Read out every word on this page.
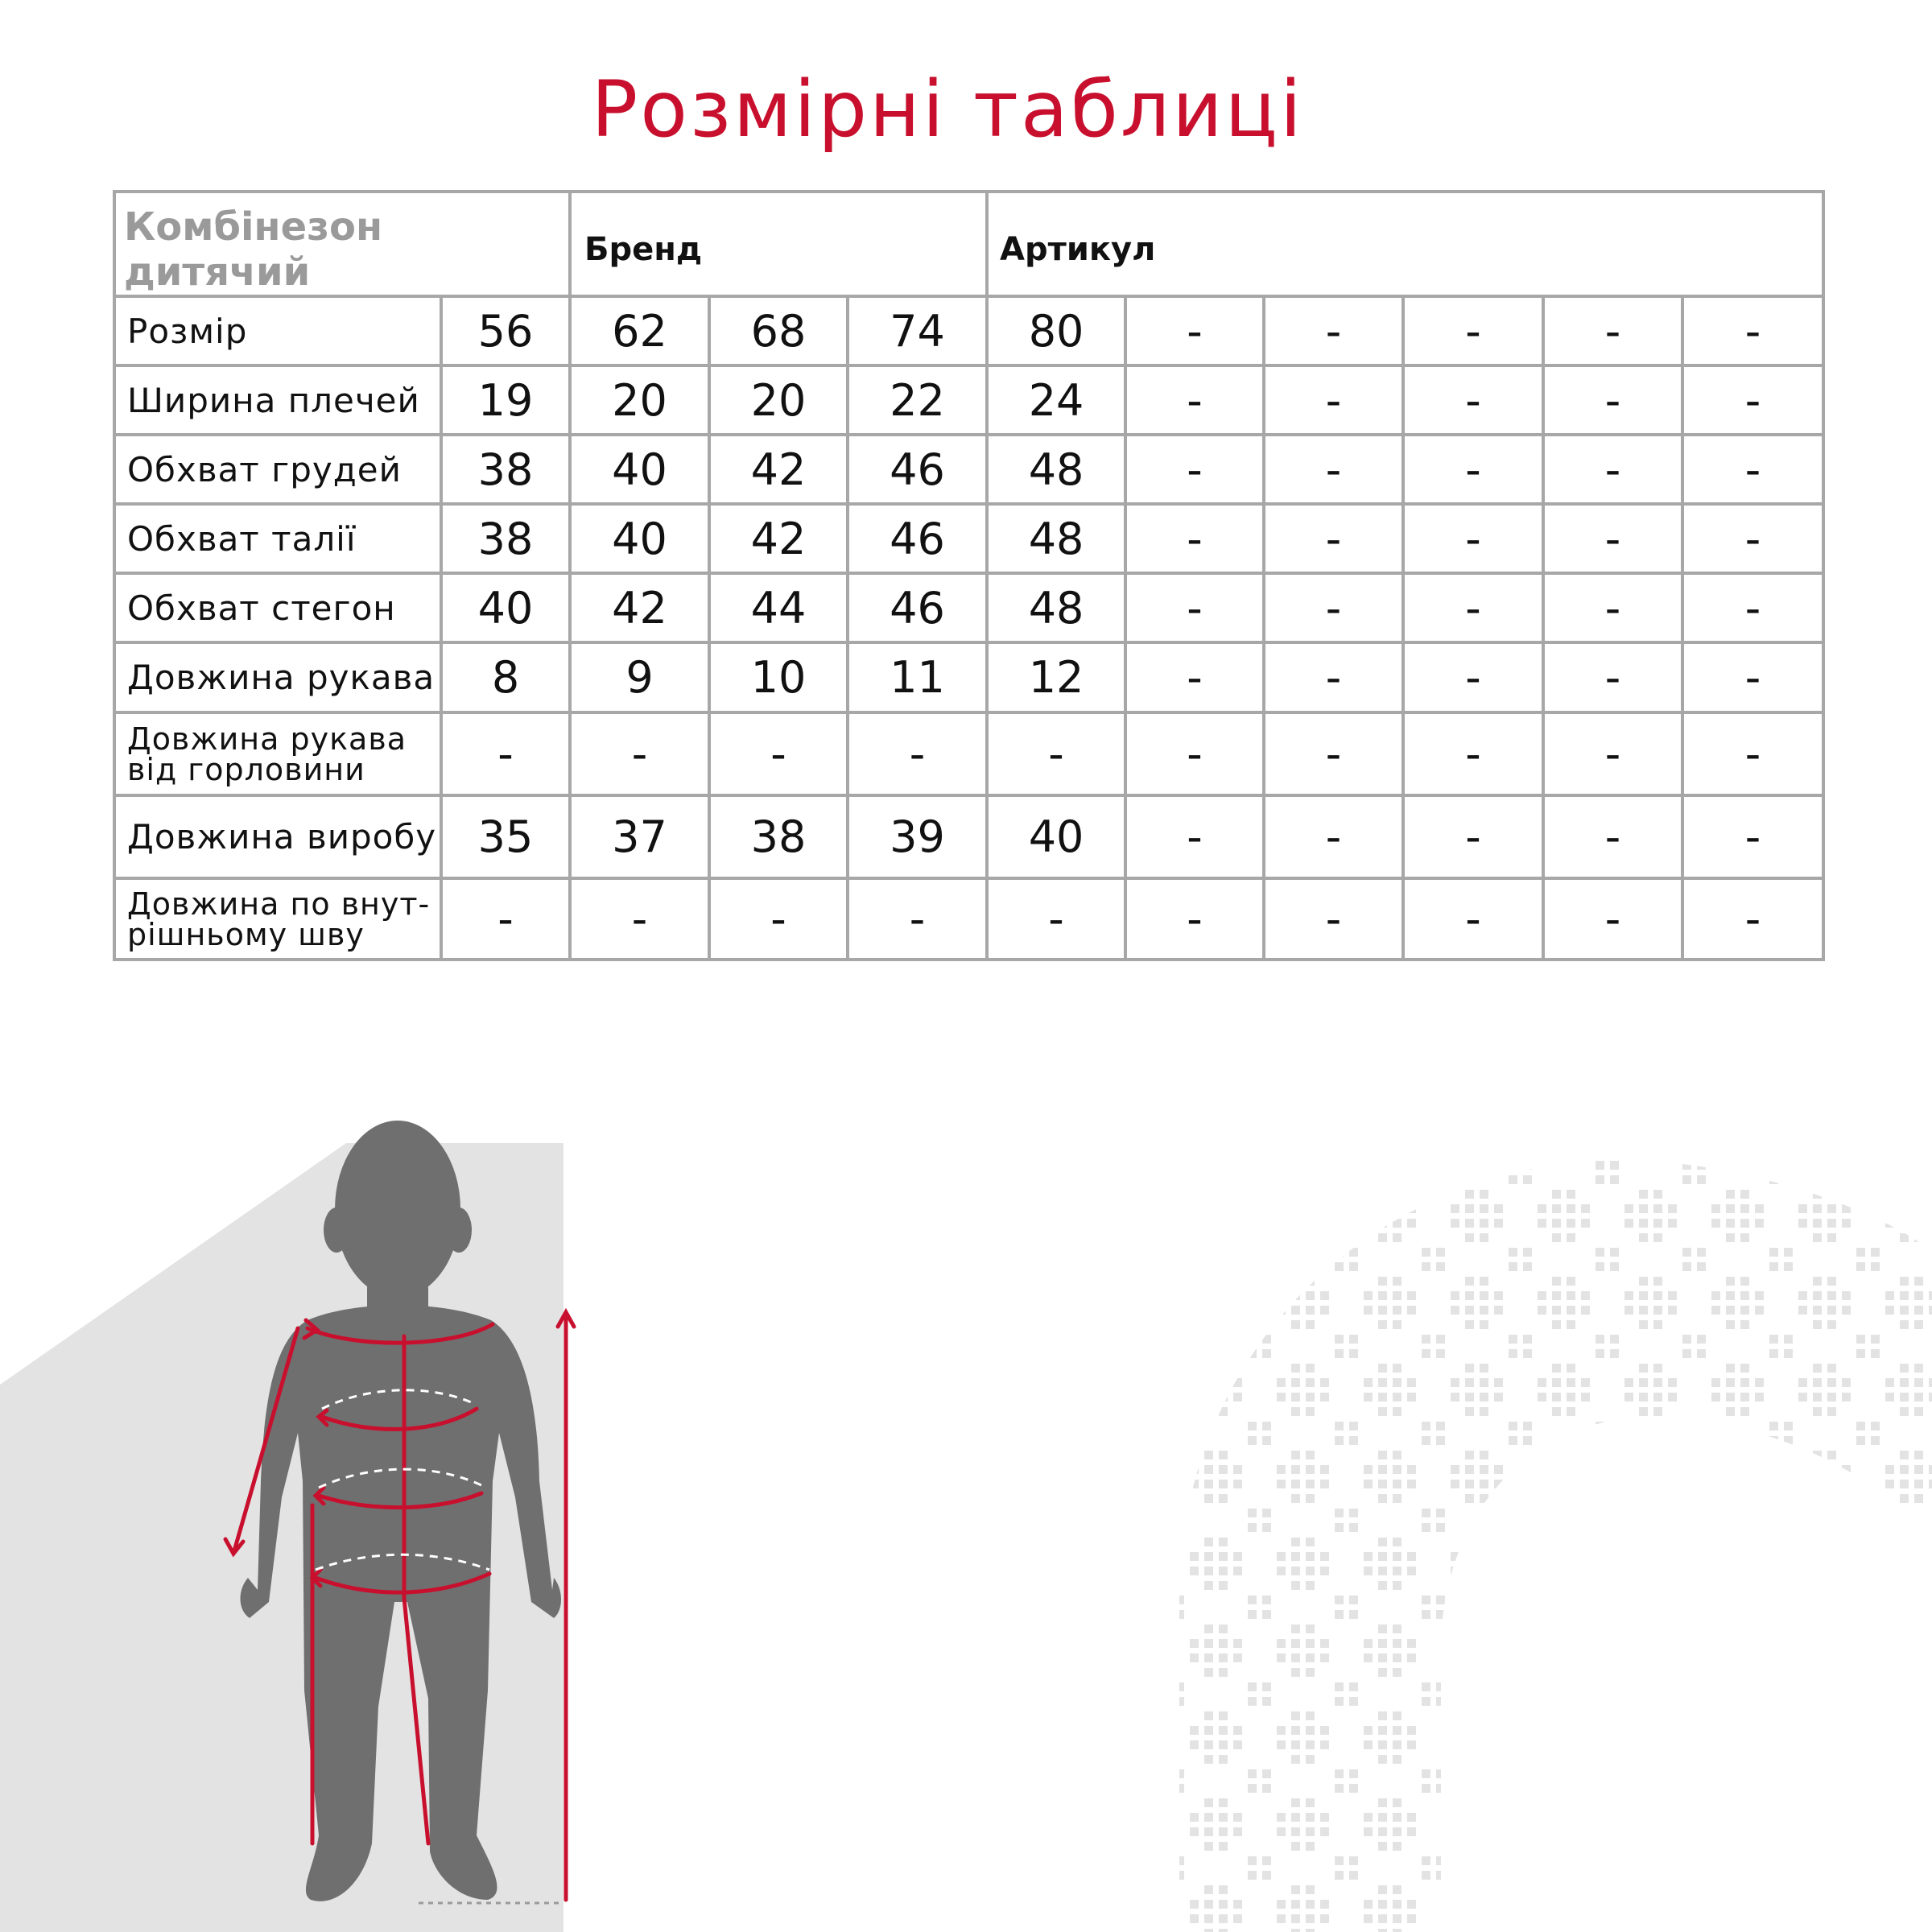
Розмірні таблиці
Комбінезон дитячий		Бренд			Артикул					
Розмір	56	62	68	74	80	-	-	-	-	-
Ширина плечей	19	20	20	22	24	-	-	-	-	-
Обхват грудей	38	40	42	46	48	-	-	-	-	-
Обхват талії	38	40	42	46	48	-	-	-	-	-
Обхват стегон	40	42	44	46	48	-	-	-	-	-
Довжина рукава	8	9	10	11	12	-	-	-	-	-
Довжина рукава
від горловини	-	-	-	-	-	-	-	-	-	-
Довжина виробу	35	37	38	39	40	-	-	-	-	-
Довжина по внут-
рішньому шву	-	-	-	-	-	-	-	-	-	-
